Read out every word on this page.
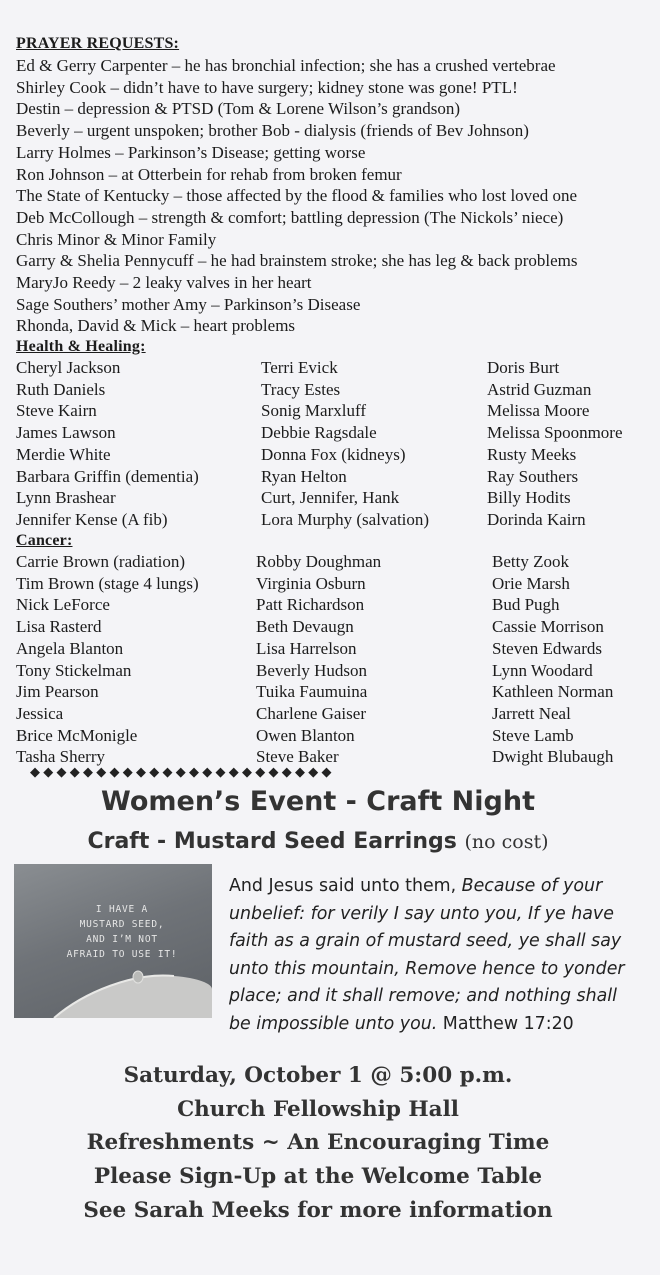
PRAYER REQUESTS:
Ed & Gerry Carpenter – he has bronchial infection; she has a crushed vertebrae
Shirley Cook – didn’t have to have surgery; kidney stone was gone! PTL!
Destin – depression & PTSD (Tom & Lorene Wilson’s grandson)
Beverly – urgent unspoken; brother Bob - dialysis (friends of Bev Johnson)
Larry Holmes – Parkinson’s Disease; getting worse
Ron Johnson – at Otterbein for rehab from broken femur
The State of Kentucky – those affected by the flood & families who lost loved one
Deb McCollough – strength & comfort; battling depression (The Nickols’ niece)
Chris Minor & Minor Family
Garry & Shelia Pennycuff – he had brainstem stroke; she has leg & back problems
MaryJo Reedy – 2 leaky valves in her heart
Sage Southers’ mother Amy – Parkinson’s Disease
Rhonda, David & Mick – heart problems
Health & Healing:
Cheryl Jackson
Ruth Daniels
Steve Kairn
James Lawson
Merdie White
Barbara Griffin (dementia)
Lynn Brashear
Jennifer Kense (A fib)
Terri Evick
Tracy Estes
Sonig Marxluff
Debbie Ragsdale
Donna Fox (kidneys)
Ryan Helton
Curt, Jennifer, Hank
Lora Murphy (salvation)
Doris Burt
Astrid Guzman
Melissa Moore
Melissa Spoonmore
Rusty Meeks
Ray Southers
Billy Hodits
Dorinda Kairn
Cancer:
Carrie Brown (radiation)
Tim Brown (stage 4 lungs)
Nick LeForce
Lisa Rasterd
Angela Blanton
Tony Stickelman
Jim Pearson
Jessica
Brice McMonigle
Tasha Sherry
Robby Doughman
Virginia Osburn
Patt Richardson
Beth Devaugn
Lisa Harrelson
Beverly Hudson
Tuika Faumuina
Charlene Gaiser
Owen Blanton
Steve Baker
Betty Zook
Orie Marsh
Bud Pugh
Cassie Morrison
Steven Edwards
Lynn Woodard
Kathleen Norman
Jarrett Neal
Steve Lamb
Dwight Blubaugh
◆ ◆ ◆ ◆ ◆ ◆ ◆ ◆ ◆ ◆ ◆ ◆ ◆ ◆ ◆ ◆ ◆ ◆ ◆ ◆ ◆ ◆ ◆
Women’s Event - Craft Night
Craft - Mustard Seed Earrings (no cost)
I HAVE A
MUSTARD SEED,
AND I’M NOT
AFRAID TO USE IT!
And Jesus said unto them, Because of your unbelief: for verily I say unto you, If ye have faith as a grain of mustard seed, ye shall say unto this mountain, Remove hence to yonder place; and it shall remove; and nothing shall be impossible unto you. Matthew 17:20
Saturday, October 1 @ 5:00 p.m.
Church Fellowship Hall
Refreshments ~ An Encouraging Time
Please Sign-Up at the Welcome Table
See Sarah Meeks for more information
